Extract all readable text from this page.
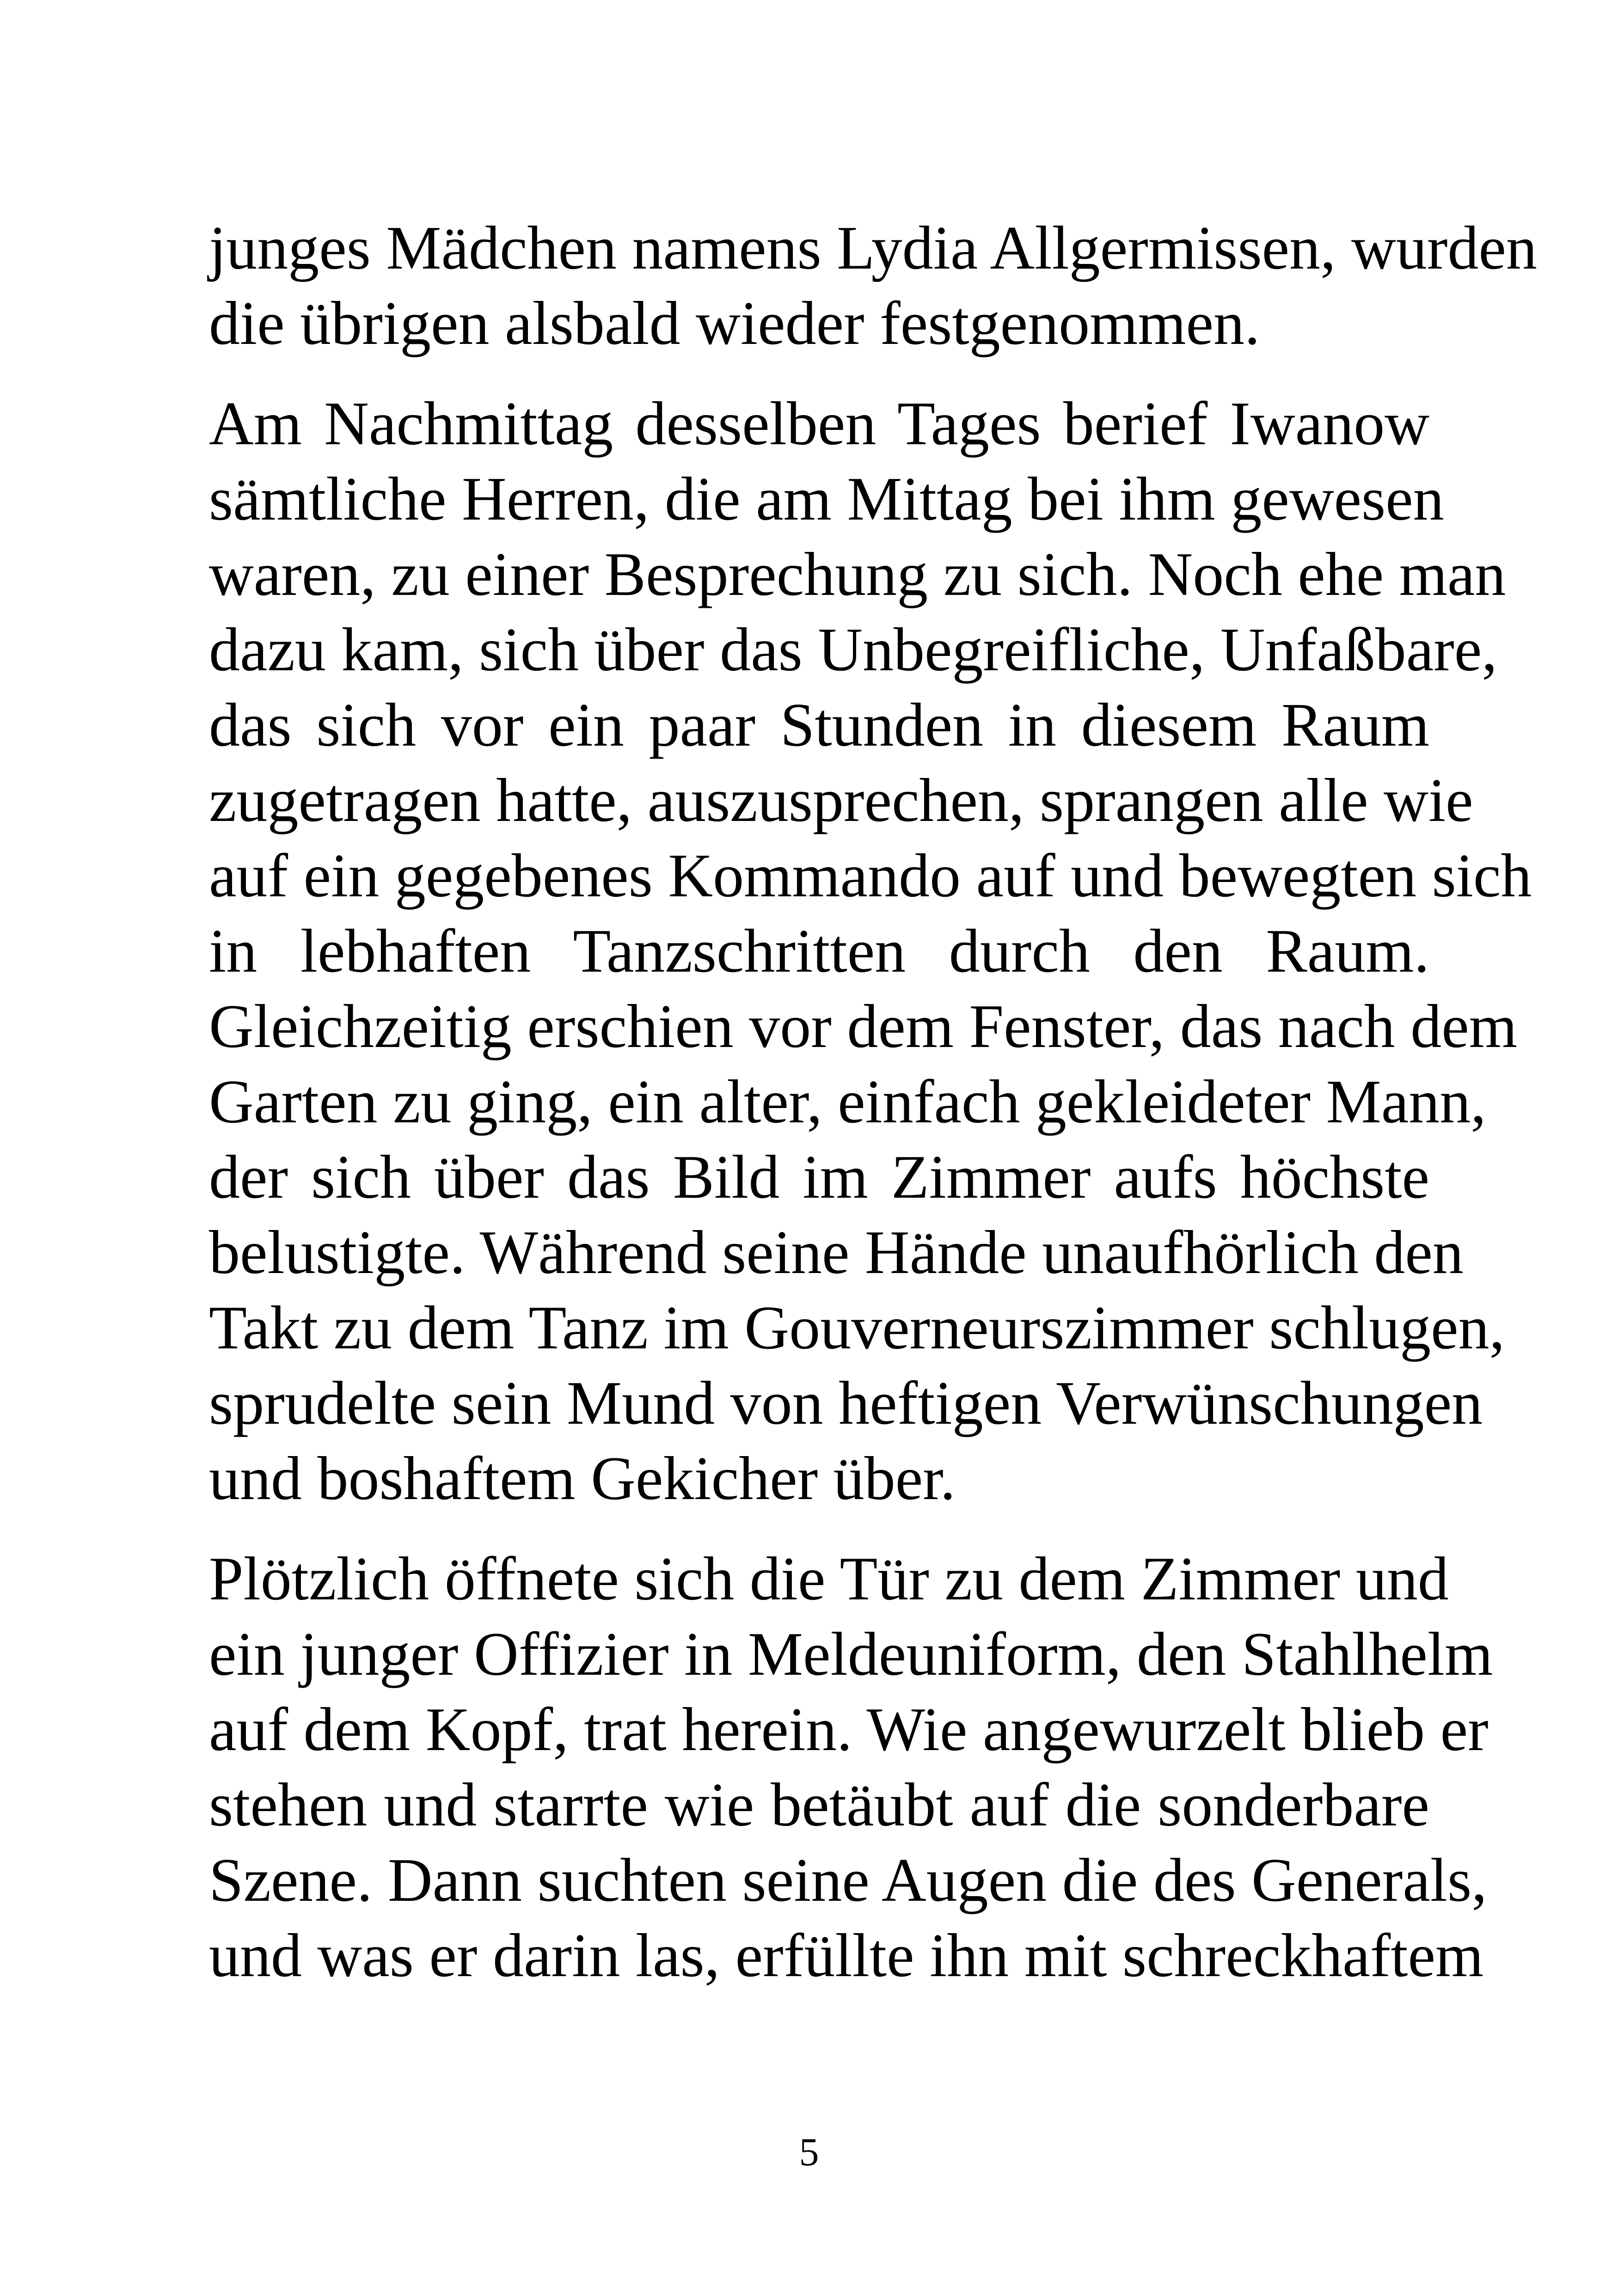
junges Mädchen namens Lydia Allgermissen, wurden
die übrigen alsbald wieder festgenommen.
Am Nachmittag desselben Tages berief Iwanow
sämtliche Herren, die am Mittag bei ihm gewesen
waren, zu einer Besprechung zu sich. Noch ehe man
dazu kam, sich über das Unbegreifliche, Unfaßbare,
das sich vor ein paar Stunden in diesem Raum
zugetragen hatte, auszusprechen, sprangen alle wie
auf ein gegebenes Kommando auf und bewegten sich
in lebhaften Tanzschritten durch den Raum.
Gleichzeitig erschien vor dem Fenster, das nach dem
Garten zu ging, ein alter, einfach gekleideter Mann,
der sich über das Bild im Zimmer aufs höchste
belustigte. Während seine Hände unaufhörlich den
Takt zu dem Tanz im Gouverneurszimmer schlugen,
sprudelte sein Mund von heftigen Verwünschungen
und boshaftem Gekicher über.
Plötzlich öffnete sich die Tür zu dem Zimmer und
ein junger Offizier in Meldeuniform, den Stahlhelm
auf dem Kopf, trat herein. Wie angewurzelt blieb er
stehen und starrte wie betäubt auf die sonderbare
Szene. Dann suchten seine Augen die des Generals,
und was er darin las, erfüllte ihn mit schreckhaftem
5
